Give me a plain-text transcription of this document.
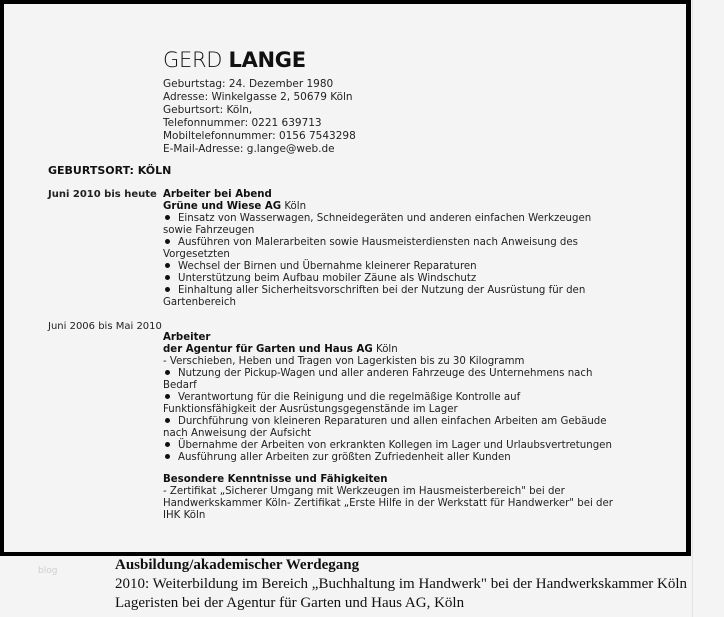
GERD LANGE
Geburtstag: 24. Dezember 1980
Adresse: Winkelgasse 2, 50679 Köln
Geburtsort: Köln,
Telefonnummer: 0221 639713
Mobiltelefonnummer: 0156 7543298
E-Mail-Adresse: g.lange@web.de
GEBURTSORT: KÖLN
Juni 2010 bis heute Arbeiter bei Abend
Grüne und Wiese AG Köln
Einsatz von Wasserwagen, Schneidegeräten und anderen einfachen Werkzeugen sowie Fahrzeugen
Ausführen von Malerarbeiten sowie Hausmeisterdiensten nach Anweisung des Vorgesetzten
Wechsel der Birnen und Übernahme kleinerer Reparaturen
Unterstützung beim Aufbau mobiler Zäune als Windschutz
Einhaltung aller Sicherheitsvorschriften bei der Nutzung der Ausrüstung für den Gartenbereich
Juni 2006 bis Mai 2010
Arbeiter
der Agentur für Garten und Haus AG Köln
- Verschieben, Heben und Tragen von Lagerkisten bis zu 30 Kilogramm
Nutzung der Pickup-Wagen und aller anderen Fahrzeuge des Unternehmens nach Bedarf
Verantwortung für die Reinigung und die regelmäßige Kontrolle auf Funktionsfähigkeit der Ausrüstungsgegenstände im Lager
Durchführung von kleineren Reparaturen und allen einfachen Arbeiten am Gebäude nach Anweisung der Aufsicht
Übernahme der Arbeiten von erkrankten Kollegen im Lager und Urlaubsvertretungen
Ausführung aller Arbeiten zur größten Zufriedenheit aller Kunden
Besondere Kenntnisse und Fähigkeiten
- Zertifikat „Sicherer Umgang mit Werkzeugen im Hausmeisterbereich" bei der Handwerkskammer Köln- Zertifikat „Erste Hilfe in der Werkstatt für Handwerker" bei der IHK Köln
blog	Ausbildung/akademischer Werdegang
2010: Weiterbildung im Bereich „Buchhaltung im Handwerk" bei der Handwerkskammer Köln
Lageristen bei der Agentur für Garten und Haus AG, Köln
